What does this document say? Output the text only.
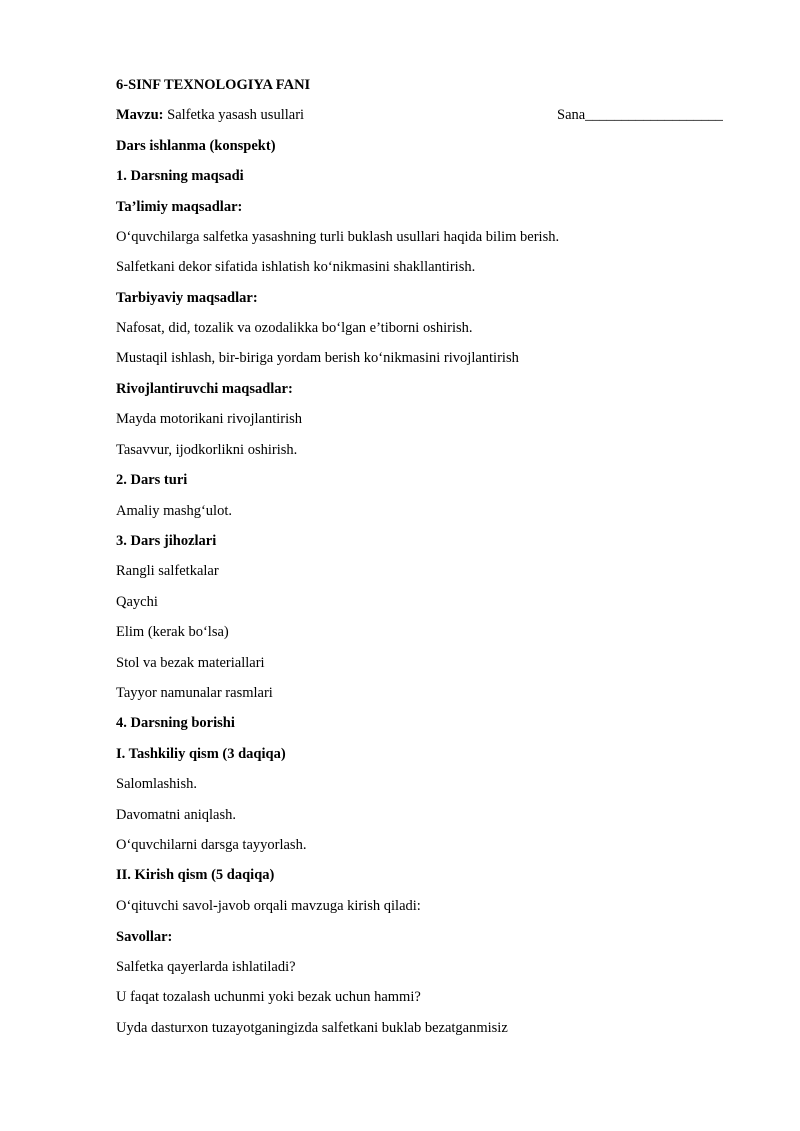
6-SINF TEXNOLOGIYA FANI
Mavzu: Salfetka yasash usullari	Sana___________________
Dars ishlanma (konspekt)
1. Darsning maqsadi
Ta’limiy maqsadlar:
O‘quvchilarga salfetka yasashning turli buklash usullari haqida bilim berish.
Salfetkani dekor sifatida ishlatish ko‘nikmasini shakllantirish.
Tarbiyaviy maqsadlar:
Nafosat, did, tozalik va ozodalikka bo‘lgan e’tiborni oshirish.
Mustaqil ishlash, bir-biriga yordam berish ko‘nikmasini rivojlantirish
Rivojlantiruvchi maqsadlar:
Mayda motorikani rivojlantirish
Tasavvur, ijodkorlikni oshirish.
2. Dars turi
Amaliy mashg‘ulot.
3. Dars jihozlari
Rangli salfetkalar
Qaychi
Elim (kerak bo‘lsa)
Stol va bezak materiallari
Tayyor namunalar rasmlari
4. Darsning borishi
I. Tashkiliy qism (3 daqiqa)
Salomlashish.
Davomatni aniqlash.
O‘quvchilarni darsga tayyorlash.
II. Kirish qism (5 daqiqa)
O‘qituvchi savol-javob orqali mavzuga kirish qiladi:
Savollar:
Salfetka qayerlarda ishlatiladi?
U faqat tozalash uchunmi yoki bezak uchun hammi?
Uyda dasturxon tuzayotganingizda salfetkani buklab bezatganmisiz
